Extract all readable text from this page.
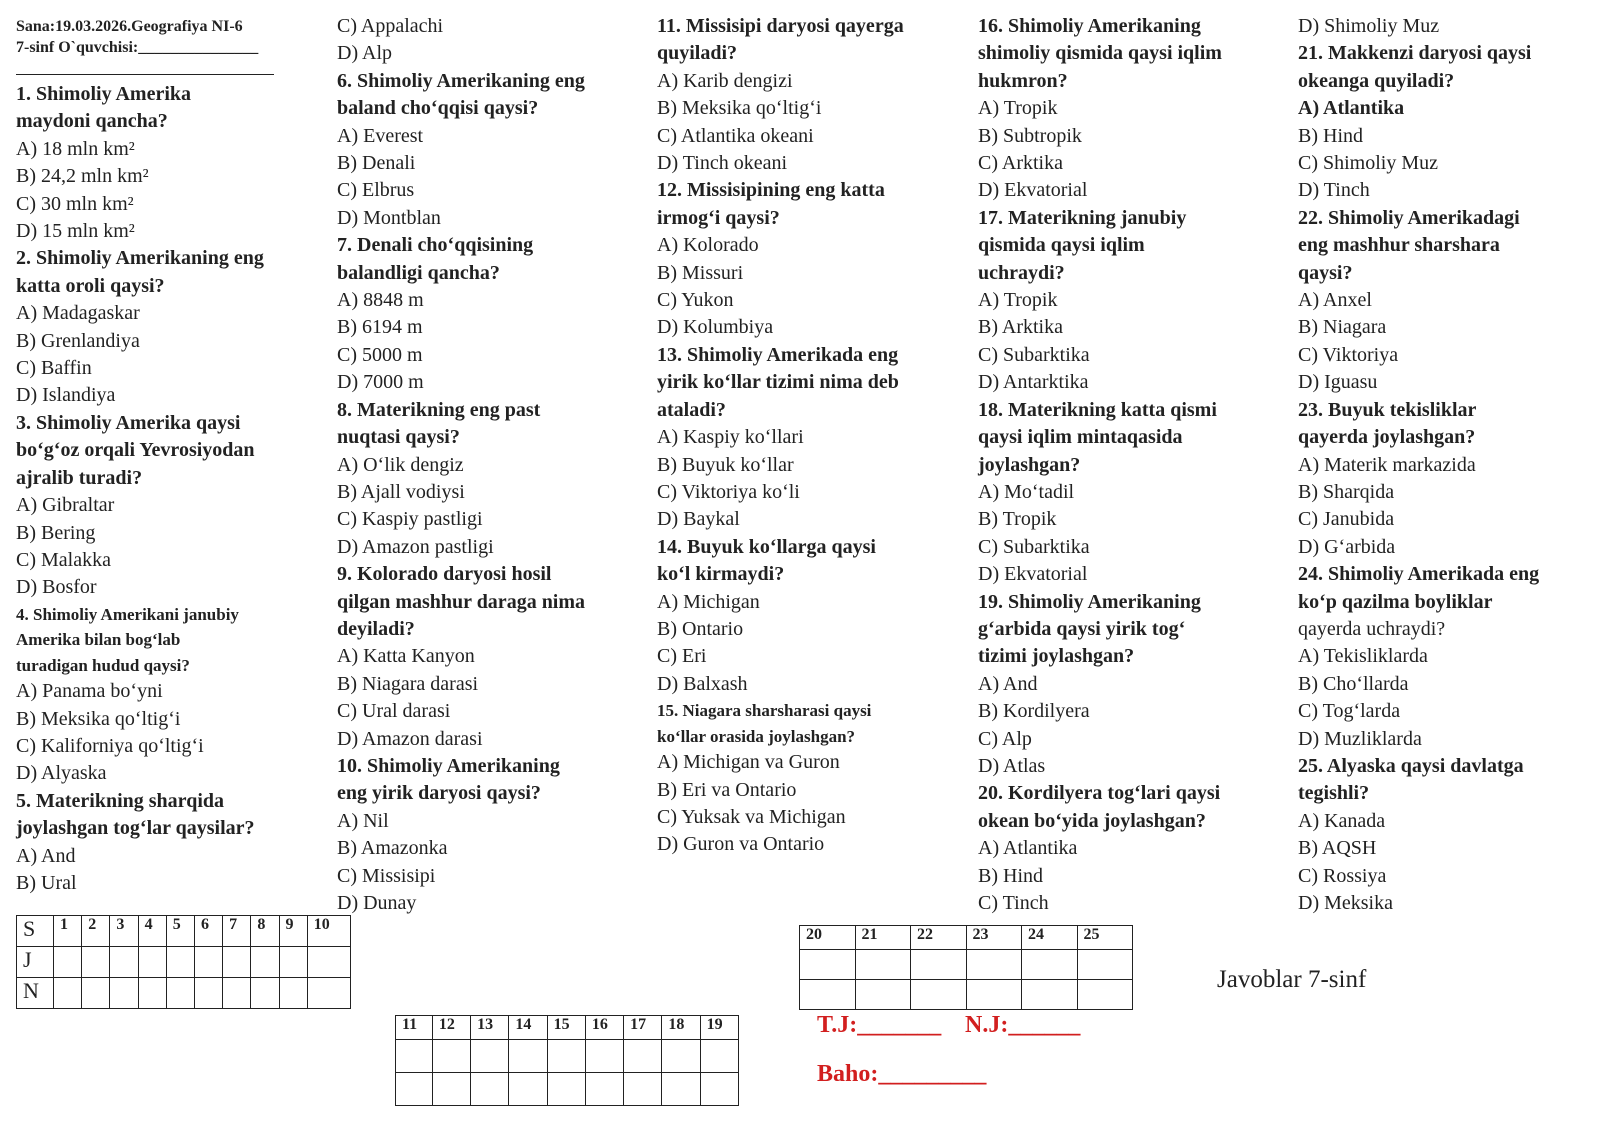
Sana:19.03.2026.Geografiya NI-6
7-sinf O`quvchisi:_______________
1. Shimoliy Amerika
maydoni qancha?
A) 18 mln km²
B) 24,2 mln km²
C) 30 mln km²
D) 15 mln km²
2. Shimoliy Amerikaning eng
katta oroli qaysi?
A) Madagaskar
B) Grenlandiya
C) Baffin
D) Islandiya
3. Shimoliy Amerika qaysi
bo‘g‘oz orqali Yevrosiyodan
ajralib turadi?
A) Gibraltar
B) Bering
C) Malakka
D) Bosfor
4. Shimoliy Amerikani janubiy
Amerika bilan bog‘lab
turadigan hudud qaysi?
A) Panama bo‘yni
B) Meksika qo‘ltig‘i
C) Kaliforniya qo‘ltig‘i
D) Alyaska
5. Materikning sharqida
joylashgan tog‘lar qaysilar?
A) And
B) Ural
C) Appalachi
D) Alp
6. Shimoliy Amerikaning eng
baland cho‘qqisi qaysi?
A) Everest
B) Denali
C) Elbrus
D) Montblan
7. Denali cho‘qqisining
balandligi qancha?
A) 8848 m
B) 6194 m
C) 5000 m
D) 7000 m
8. Materikning eng past
nuqtasi qaysi?
A) O‘lik dengiz
B) Ajall vodiysi
C) Kaspiy pastligi
D) Amazon pastligi
9. Kolorado daryosi hosil
qilgan mashhur daraga nima
deyiladi?
A) Katta Kanyon
B) Niagara darasi
C) Ural darasi
D) Amazon darasi
10. Shimoliy Amerikaning
eng yirik daryosi qaysi?
A) Nil
B) Amazonka
C) Missisipi
D) Dunay
11. Missisipi daryosi qayerga
quyiladi?
A) Karib dengizi
B) Meksika qo‘ltig‘i
C) Atlantika okeani
D) Tinch okeani
12. Missisipining eng katta
irmog‘i qaysi?
A) Kolorado
B) Missuri
C) Yukon
D) Kolumbiya
13. Shimoliy Amerikada eng
yirik ko‘llar tizimi nima deb
ataladi?
A) Kaspiy ko‘llari
B) Buyuk ko‘llar
C) Viktoriya ko‘li
D) Baykal
14. Buyuk ko‘llarga qaysi
ko‘l kirmaydi?
A) Michigan
B) Ontario
C) Eri
D) Balxash
15. Niagara sharsharasi qaysi
ko‘llar orasida joylashgan?
A) Michigan va Guron
B) Eri va Ontario
C) Yuksak va Michigan
D) Guron va Ontario
16. Shimoliy Amerikaning
shimoliy qismida qaysi iqlim
hukmron?
A) Tropik
B) Subtropik
C) Arktika
D) Ekvatorial
17. Materikning janubiy
qismida qaysi iqlim
uchraydi?
A) Tropik
B) Arktika
C) Subarktika
D) Antarktika
18. Materikning katta qismi
qaysi iqlim mintaqasida
joylashgan?
A) Mo‘tadil
B) Tropik
C) Subarktika
D) Ekvatorial
19. Shimoliy Amerikaning
g‘arbida qaysi yirik tog‘
tizimi joylashgan?
A) And
B) Kordilyera
C) Alp
D) Atlas
20. Kordilyera tog‘lari qaysi
okean bo‘yida joylashgan?
A) Atlantika
B) Hind
C) Tinch
D) Shimoliy Muz
21. Makkenzi daryosi qaysi
okeanga quyiladi?
A) Atlantika
B) Hind
C) Shimoliy Muz
D) Tinch
22. Shimoliy Amerikadagi
eng mashhur sharshara
qaysi?
A) Anxel
B) Niagara
C) Viktoriya
D) Iguasu
23. Buyuk tekisliklar
qayerda joylashgan?
A) Materik markazida
B) Sharqida
C) Janubida
D) G‘arbida
24. Shimoliy Amerikada eng
ko‘p qazilma boyliklar
qayerda uchraydi?
A) Tekisliklarda
B) Cho‘llarda
C) Tog‘larda
D) Muzliklarda
25. Alyaska qaysi davlatga
tegishli?
A) Kanada
B) AQSH
C) Rossiya
D) Meksika
S	1	2	3	4	5	6	7	8	9	10
J										
N										
11	12	13	14	15	16	17	18	19

20	21	22	23	24	25

T.J:_______ N.J:______
Baho:_________
Javoblar 7-sinf
